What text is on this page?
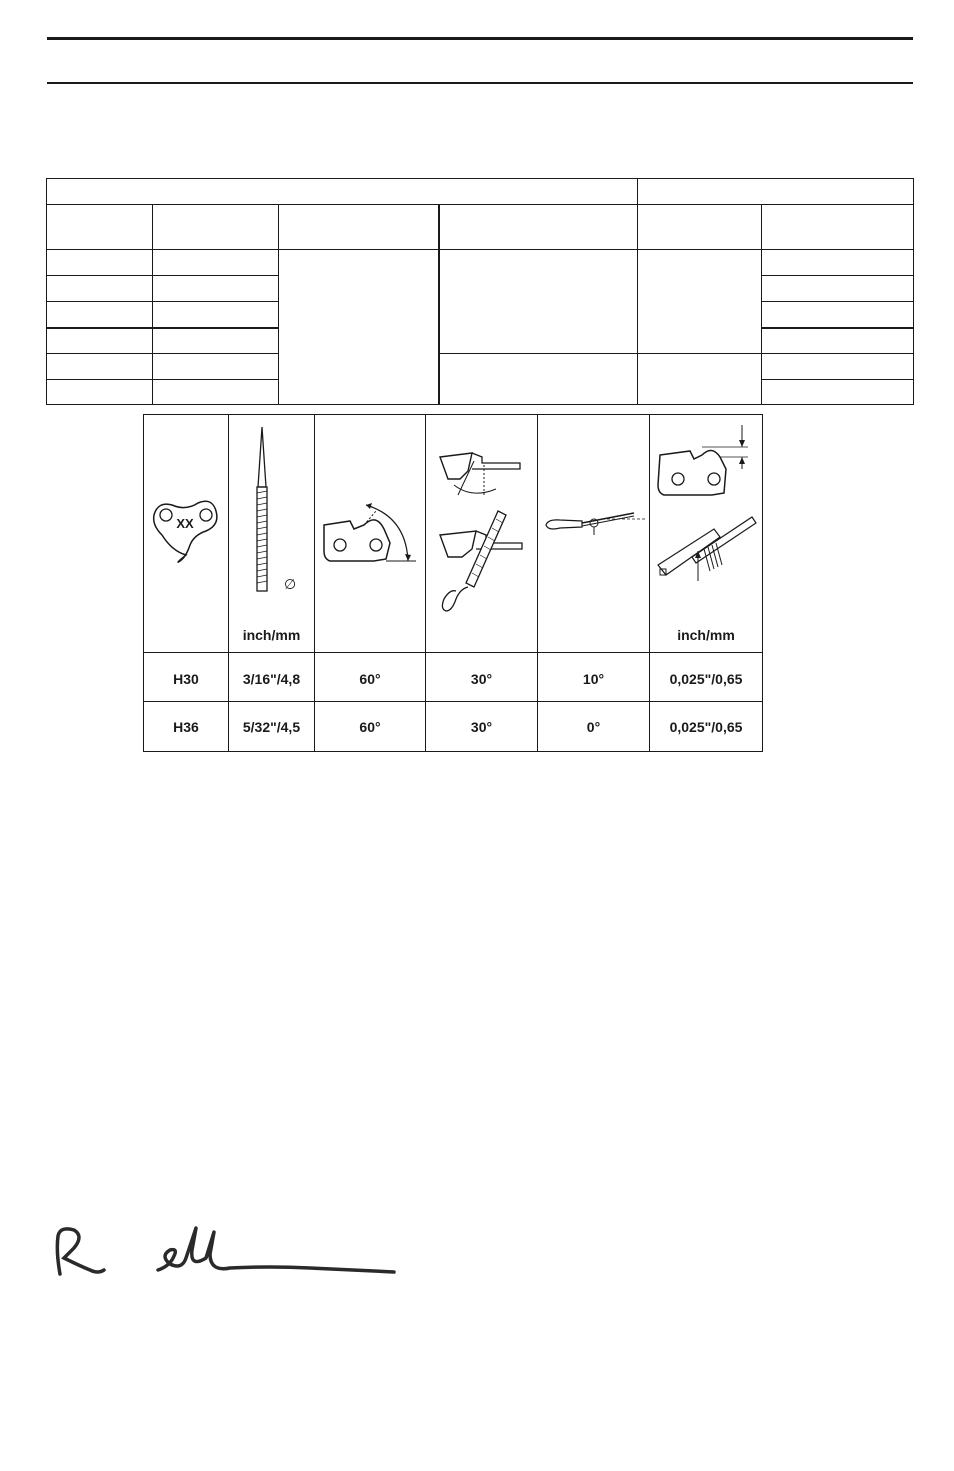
XX
∅
inch/mm	inch/mm
H30	3/16"/4,8	60°	30°	10°	0,025"/0,65
H36	5/32"/4,5	60°	30°	0°	0,025"/0,65
